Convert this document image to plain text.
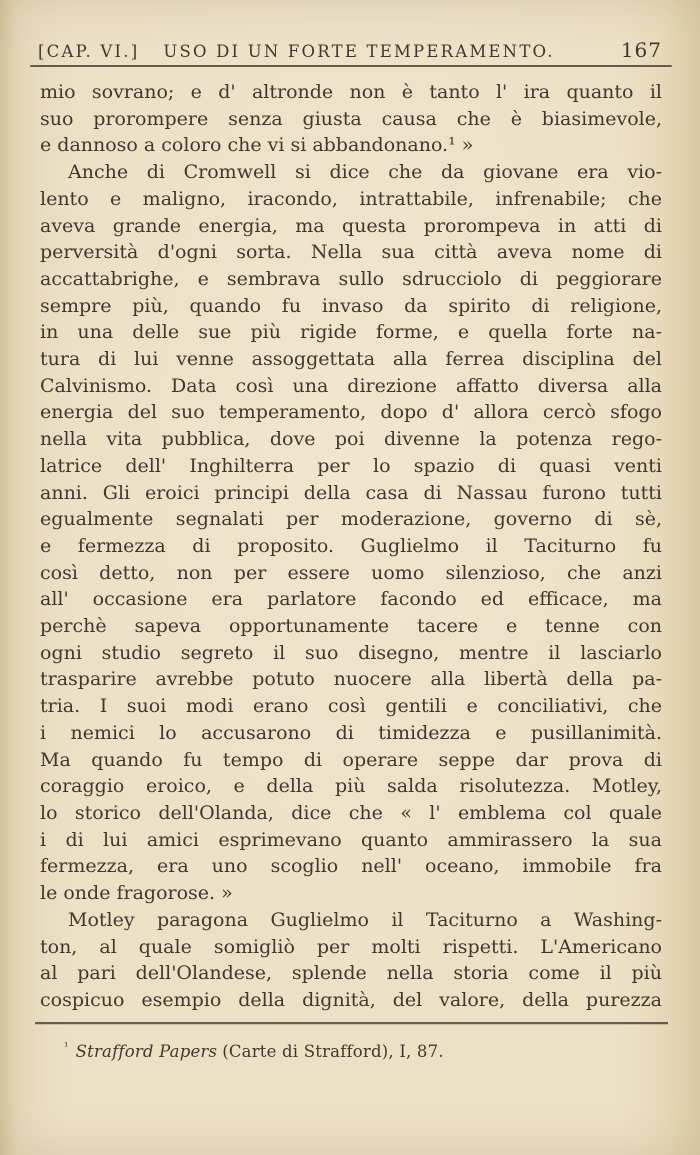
[CAP. VI.] USO DI UN FORTE TEMPERAMENTO.	167
mio sovrano; e d' altronde non è tanto l' ira quanto il
suo prorompere senza giusta causa che è biasimevole,
e dannoso a coloro che vi si abbandonano.¹ »
Anche di Cromwell si dice che da giovane era vio-
lento e maligno, iracondo, intrattabile, infrenabile; che
aveva grande energia, ma questa prorompeva in atti di
perversità d'ogni sorta. Nella sua città aveva nome di
accattabrighe, e sembrava sullo sdrucciolo di peggiorare
sempre più, quando fu invaso da spirito di religione,
in una delle sue più rigide forme, e quella forte na-
tura di lui venne assoggettata alla ferrea disciplina del
Calvinismo. Data così una direzione affatto diversa alla
energia del suo temperamento, dopo d' allora cercò sfogo
nella vita pubblica, dove poi divenne la potenza rego-
latrice dell' Inghilterra per lo spazio di quasi venti
anni. Gli eroici principi della casa di Nassau furono tutti
egualmente segnalati per moderazione, governo di sè,
e fermezza di proposito. Guglielmo il Taciturno fu
così detto, non per essere uomo silenzioso, che anzi
all' occasione era parlatore facondo ed efficace, ma
perchè sapeva opportunamente tacere e tenne con
ogni studio segreto il suo disegno, mentre il lasciarlo
trasparire avrebbe potuto nuocere alla libertà della pa-
tria. I suoi modi erano così gentili e conciliativi, che
i nemici lo accusarono di timidezza e pusillanimità.
Ma quando fu tempo di operare seppe dar prova di
coraggio eroico, e della più salda risolutezza. Motley,
lo storico dell'Olanda, dice che « l' emblema col quale
i di lui amici esprimevano quanto ammirassero la sua
fermezza, era uno scoglio nell' oceano, immobile fra
le onde fragorose. »
Motley paragona Guglielmo il Taciturno a Washing-
ton, al quale somigliò per molti rispetti. L'Americano
al pari dell'Olandese, splende nella storia come il più
cospicuo esempio della dignità, del valore, della purezza
$^{^1}$ Strafford Papers (Carte di Strafford), I, 87.
